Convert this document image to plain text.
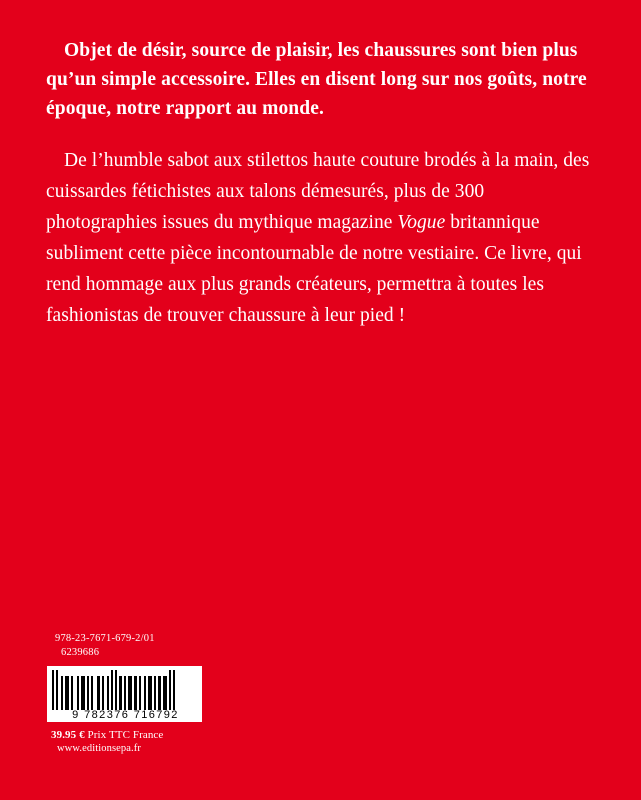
Objet de désir, source de plaisir, les chaussures sont bien plus qu’un simple accessoire. Elles en disent long sur nos goûts, notre époque, notre rapport au monde.

De l’humble sabot aux stilettos haute couture brodés à la main, des cuissardes fétichistes aux talons démesurés, plus de 300 photographies issues du mythique magazine Vogue britannique subliment cette pièce incontournable de notre vestiaire. Ce livre, qui rend hommage aux plus grands créateurs, permettra à toutes les fashionistas de trouver chaussure à leur pied !

978-23-7671-679-2/01

6239686

9 782376 716792

39.95 € Prix TTC France

www.editionsepa.fr
